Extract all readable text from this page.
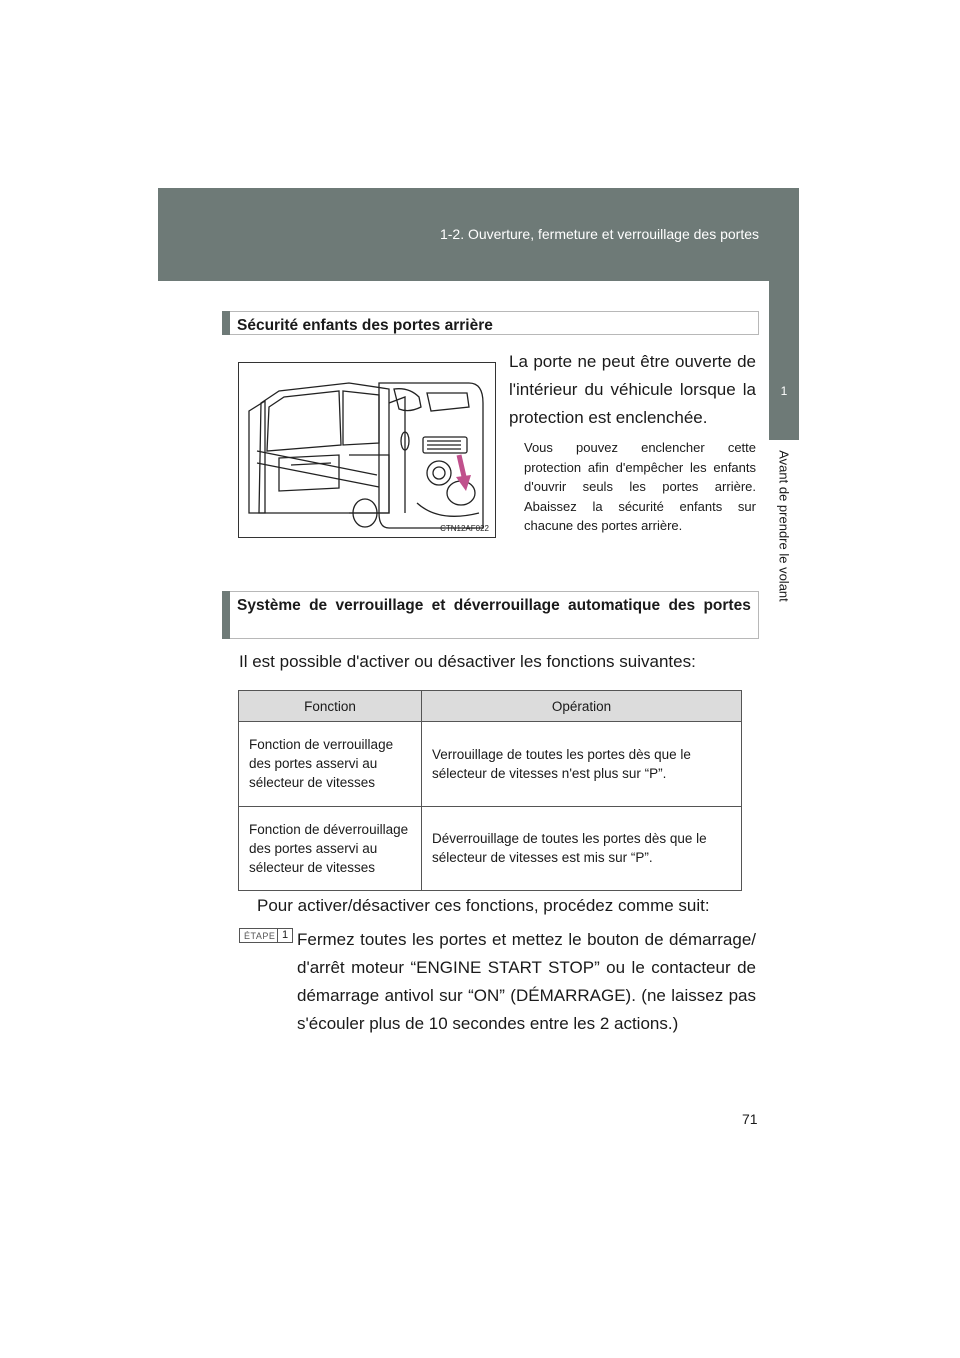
1-2. Ouverture, fermeture et verrouillage des portes
1
Avant de prendre le volant
Sécurité enfants des portes arrière
CTN12AF022
La porte ne peut être ouverte de l'intérieur du véhicule lorsque la protection est enclenchée.
Vous pouvez enclencher cette protection afin d'empêcher les enfants d'ouvrir seuls les portes arrière. Abaissez la sécurité enfants sur chacune des portes arrière.
Système de verrouillage et déverrouillage automatique des portes
Il est possible d'activer ou désactiver les fonctions suivantes:
Fonction	Opération
Fonction de verrouillage des portes asservi au sélecteur de vitesses	Verrouillage de toutes les portes dès que le sélecteur de vitesses n'est plus sur “P”.
Fonction de déverrouillage des portes asservi au sélecteur de vitesses	Déverrouillage de toutes les portes dès que le sélecteur de vitesses est mis sur “P”.
Pour activer/désactiver ces fonctions, procédez comme suit:
ÉTAPE 1 Fermez toutes les portes et mettez le bouton de démarrage/ d'arrêt moteur “ENGINE START STOP” ou le contacteur de démarrage antivol sur “ON” (DÉMARRAGE). (ne laissez pas s'écouler plus de 10 secondes entre les 2 actions.)
71
